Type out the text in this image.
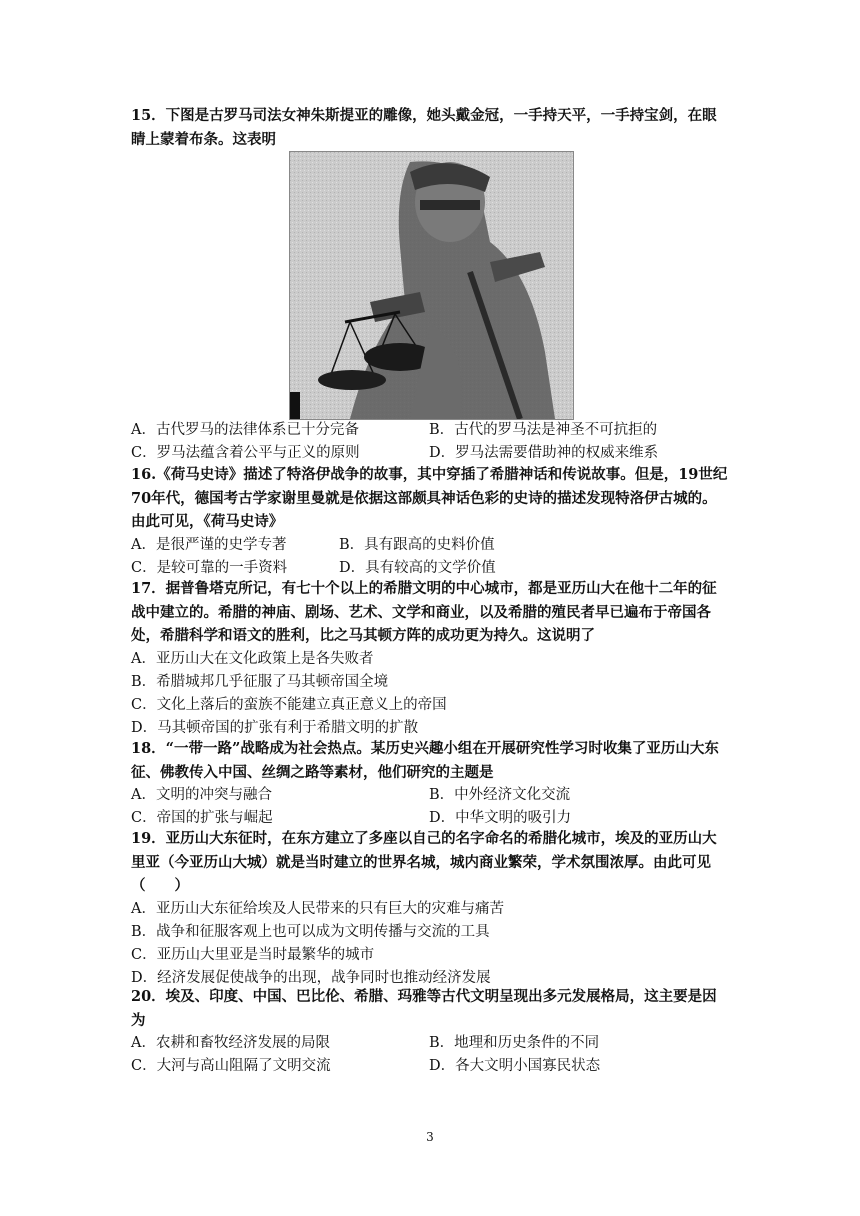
15．下图是古罗马司法女神朱斯提亚的雕像，她头戴金冠，一手持天平，一手持宝剑，在眼睛上蒙着布条。这表明

A．古代罗马的法律体系已十分完备	B．古代的罗马法是神圣不可抗拒的
C．罗马法蕴含着公平与正义的原则	D．罗马法需要借助神的权威来维系

16.《荷马史诗》描述了特洛伊战争的故事，其中穿插了希腊神话和传说故事。但是，19世纪70年代，德国考古学家谢里曼就是依据这部颇具神话色彩的史诗的描述发现特洛伊古城的。由此可见，《荷马史诗》

A．是很严谨的史学专著	B．具有跟高的史料价值
C．是较可靠的一手资料	D．具有较高的文学价值

17．据普鲁塔克所记，有七十个以上的希腊文明的中心城市，都是亚历山大在他十二年的征战中建立的。希腊的神庙、剧场、艺术、文学和商业，以及希腊的殖民者早已遍布于帝国各处，希腊科学和语文的胜利，比之马其顿方阵的成功更为持久。这说明了

A．亚历山大在文化政策上是各失败者

B．希腊城邦几乎征服了马其顿帝国全境

C．文化上落后的蛮族不能建立真正意义上的帝国

D．马其顿帝国的扩张有利于希腊文明的扩散

18．“一带一路”战略成为社会热点。某历史兴趣小组在开展研究性学习时收集了亚历山大东征、佛教传入中国、丝绸之路等素材，他们研究的主题是

A．文明的冲突与融合	B．中外经济文化交流
C．帝国的扩张与崛起	D．中华文明的吸引力

19．亚历山大东征时，在东方建立了多座以自己的名字命名的希腊化城市，埃及的亚历山大里亚（今亚历山大城）就是当时建立的世界名城，城内商业繁荣，学术氛围浓厚。由此可见（　　）

A．亚历山大东征给埃及人民带来的只有巨大的灾难与痛苦

B．战争和征服客观上也可以成为文明传播与交流的工具

C．亚历山大里亚是当时最繁华的城市

D．经济发展促使战争的出现，战争同时也推动经济发展

20．埃及、印度、中国、巴比伦、希腊、玛雅等古代文明呈现出多元发展格局，这主要是因为

A．农耕和畜牧经济发展的局限	B．地理和历史条件的不同
C．大河与高山阻隔了文明交流	D．各大文明小国寡民状态
3
